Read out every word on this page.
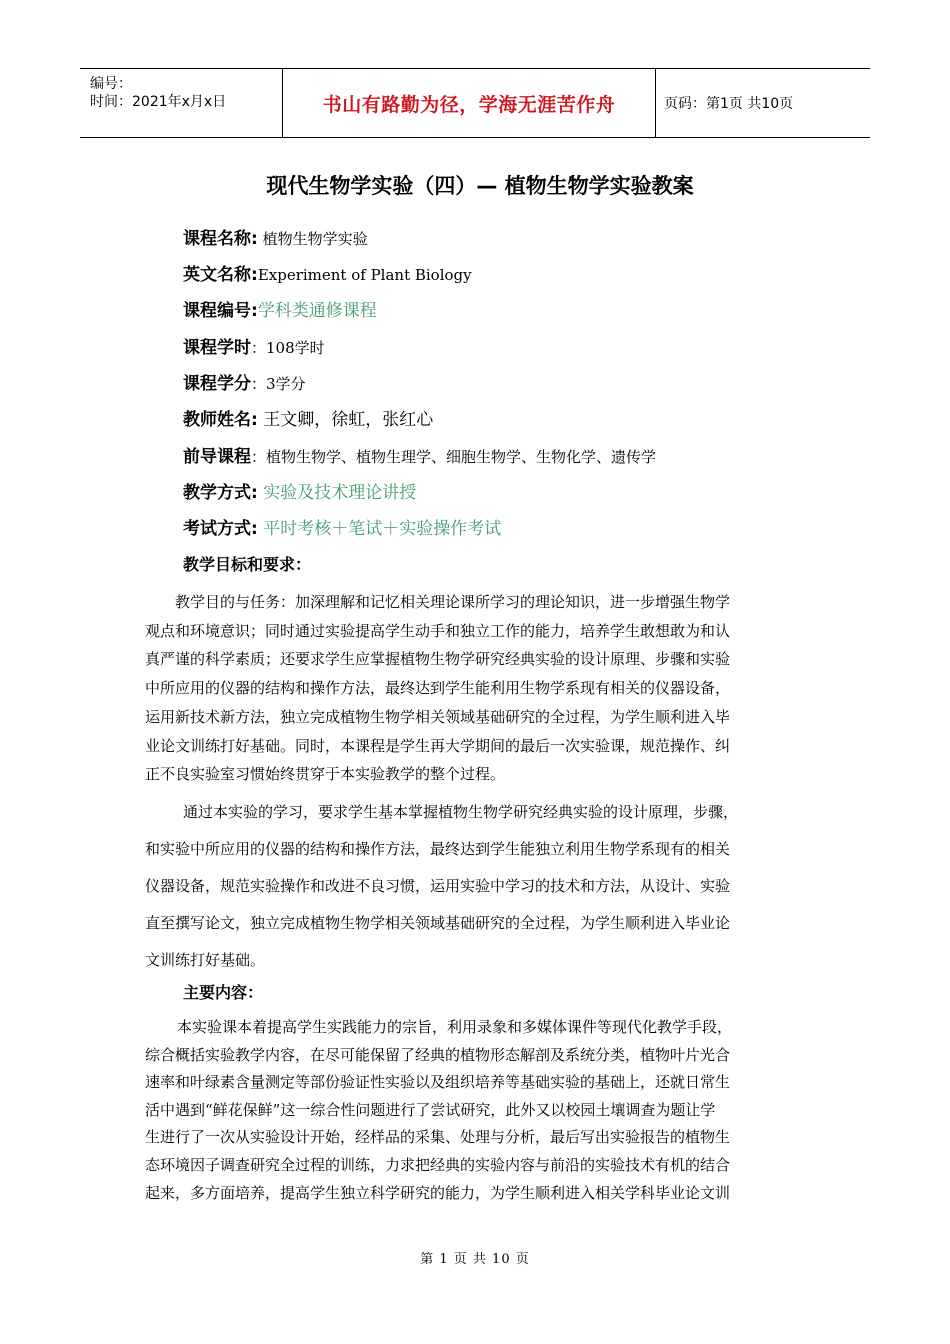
编号：
时间：2021年x月x日	书山有路勤为径，学海无涯苦作舟	页码：第1页 共10页
现代生物学实验（四）— 植物生物学实验教案
课程名称: 植物生物学实验
英文名称:Experiment of Plant Biology
课程编号:学科类通修课程
课程学时：108学时
课程学分：3学分
教师姓名: 王文卿，徐虹，张红心
前导课程：植物生物学、植物生理学、细胞生物学、生物化学、遗传学
教学方式: 实验及技术理论讲授
考试方式: 平时考核＋笔试＋实验操作考试
教学目标和要求：
教学目的与任务：加深理解和记忆相关理论课所学习的理论知识，进一步增强生物学
观点和环境意识；同时通过实验提高学生动手和独立工作的能力，培养学生敢想敢为和认
真严谨的科学素质；还要求学生应掌握植物生物学研究经典实验的设计原理、步骤和实验
中所应用的仪器的结构和操作方法，最终达到学生能利用生物学系现有相关的仪器设备，
运用新技术新方法，独立完成植物生物学相关领域基础研究的全过程，为学生顺利进入毕
业论文训练打好基础。同时，本课程是学生再大学期间的最后一次实验课，规范操作、纠
正不良实验室习惯始终贯穿于本实验教学的整个过程。
通过本实验的学习，要求学生基本掌握植物生物学研究经典实验的设计原理，步骤，
和实验中所应用的仪器的结构和操作方法，最终达到学生能独立利用生物学系现有的相关
仪器设备，规范实验操作和改进不良习惯，运用实验中学习的技术和方法，从设计、实验
直至撰写论文，独立完成植物生物学相关领域基础研究的全过程，为学生顺利进入毕业论
文训练打好基础。
主要内容：
本实验课本着提高学生实践能力的宗旨，利用录象和多媒体课件等现代化教学手段，
综合概括实验教学内容，在尽可能保留了经典的植物形态解剖及系统分类，植物叶片光合
速率和叶绿素含量测定等部份验证性实验以及组织培养等基础实验的基础上，还就日常生
活中遇到“鲜花保鲜”这一综合性问题进行了尝试研究，此外又以校园土壤调查为题让学
生进行了一次从实验设计开始，经样品的采集、处理与分析，最后写出实验报告的植物生
态环境因子调查研究全过程的训练，力求把经典的实验内容与前沿的实验技术有机的结合
起来，多方面培养，提高学生独立科学研究的能力，为学生顺利进入相关学科毕业论文训
第 1 页 共 10 页
